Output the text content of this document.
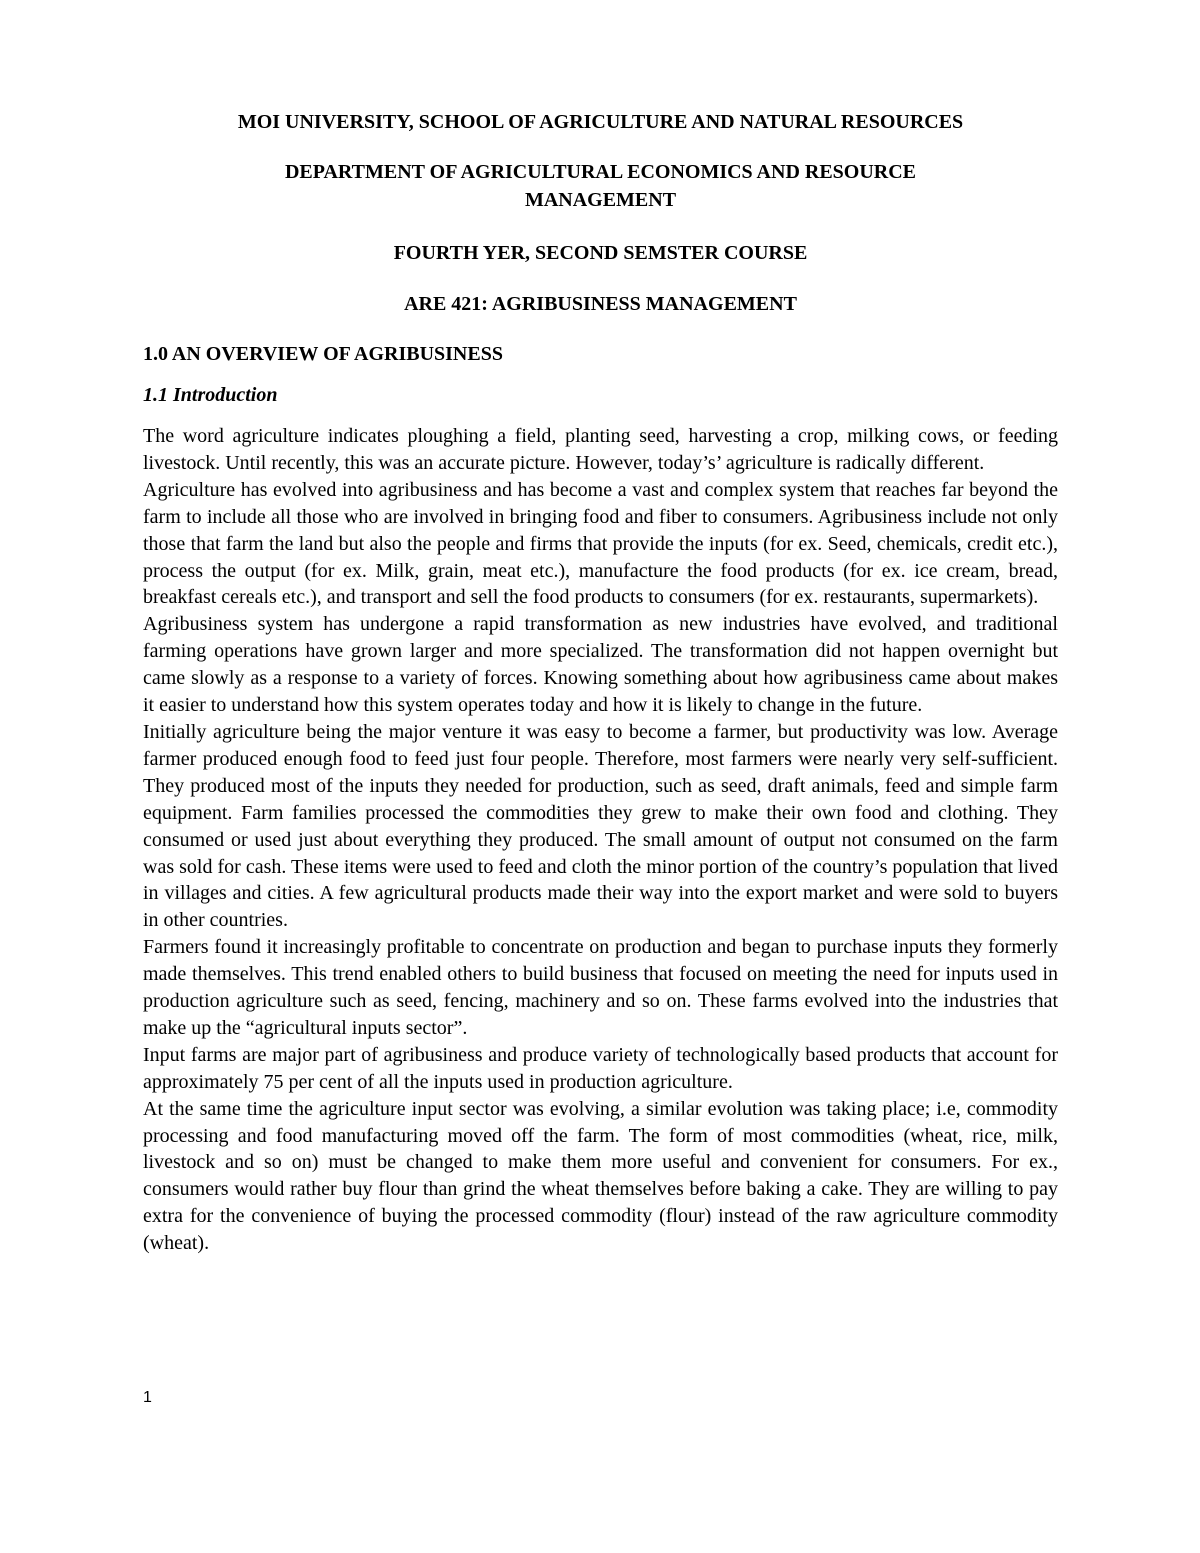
MOI UNIVERSITY, SCHOOL OF AGRICULTURE AND NATURAL RESOURCES
DEPARTMENT OF AGRICULTURAL ECONOMICS AND RESOURCE MANAGEMENT
FOURTH YER, SECOND SEMSTER COURSE
ARE 421: AGRIBUSINESS MANAGEMENT
1.0 AN OVERVIEW OF AGRIBUSINESS
1.1 Introduction

The word agriculture indicates ploughing a field, planting seed, harvesting a crop, milking cows, or feeding livestock. Until recently, this was an accurate picture. However, today’s’ agriculture is radically different.

Agriculture has evolved into agribusiness and has become a vast and complex system that reaches far beyond the farm to include all those who are involved in bringing food and fiber to consumers. Agribusiness include not only those that farm the land but also the people and firms that provide the inputs (for ex. Seed, chemicals, credit etc.), process the output (for ex. Milk, grain, meat etc.), manufacture the food products (for ex. ice cream, bread, breakfast cereals etc.), and transport and sell the food products to consumers (for ex. restaurants, supermarkets).

Agribusiness system has undergone a rapid transformation as new industries have evolved, and traditional farming operations have grown larger and more specialized. The transformation did not happen overnight but came slowly as a response to a variety of forces. Knowing something about how agribusiness came about makes it easier to understand how this system operates today and how it is likely to change in the future.

Initially agriculture being the major venture it was easy to become a farmer, but productivity was low. Average farmer produced enough food to feed just four people. Therefore, most farmers were nearly very self-sufficient. They produced most of the inputs they needed for production, such as seed, draft animals, feed and simple farm equipment. Farm families processed the commodities they grew to make their own food and clothing. They consumed or used just about everything they produced. The small amount of output not consumed on the farm was sold for cash. These items were used to feed and cloth the minor portion of the country’s population that lived in villages and cities. A few agricultural products made their way into the export market and were sold to buyers in other countries.

Farmers found it increasingly profitable to concentrate on production and began to purchase inputs they formerly made themselves. This trend enabled others to build business that focused on meeting the need for inputs used in production agriculture such as seed, fencing, machinery and so on. These farms evolved into the industries that make up the “agricultural inputs sector”.

Input farms are major part of agribusiness and produce variety of technologically based products that account for approximately 75 per cent of all the inputs used in production agriculture.

At the same time the agriculture input sector was evolving, a similar evolution was taking place; i.e, commodity processing and food manufacturing moved off the farm. The form of most commodities (wheat, rice, milk, livestock and so on) must be changed to make them more useful and convenient for consumers. For ex., consumers would rather buy flour than grind the wheat themselves before baking a cake. They are willing to pay extra for the convenience of buying the processed commodity (flour) instead of the raw agriculture commodity (wheat).

1
